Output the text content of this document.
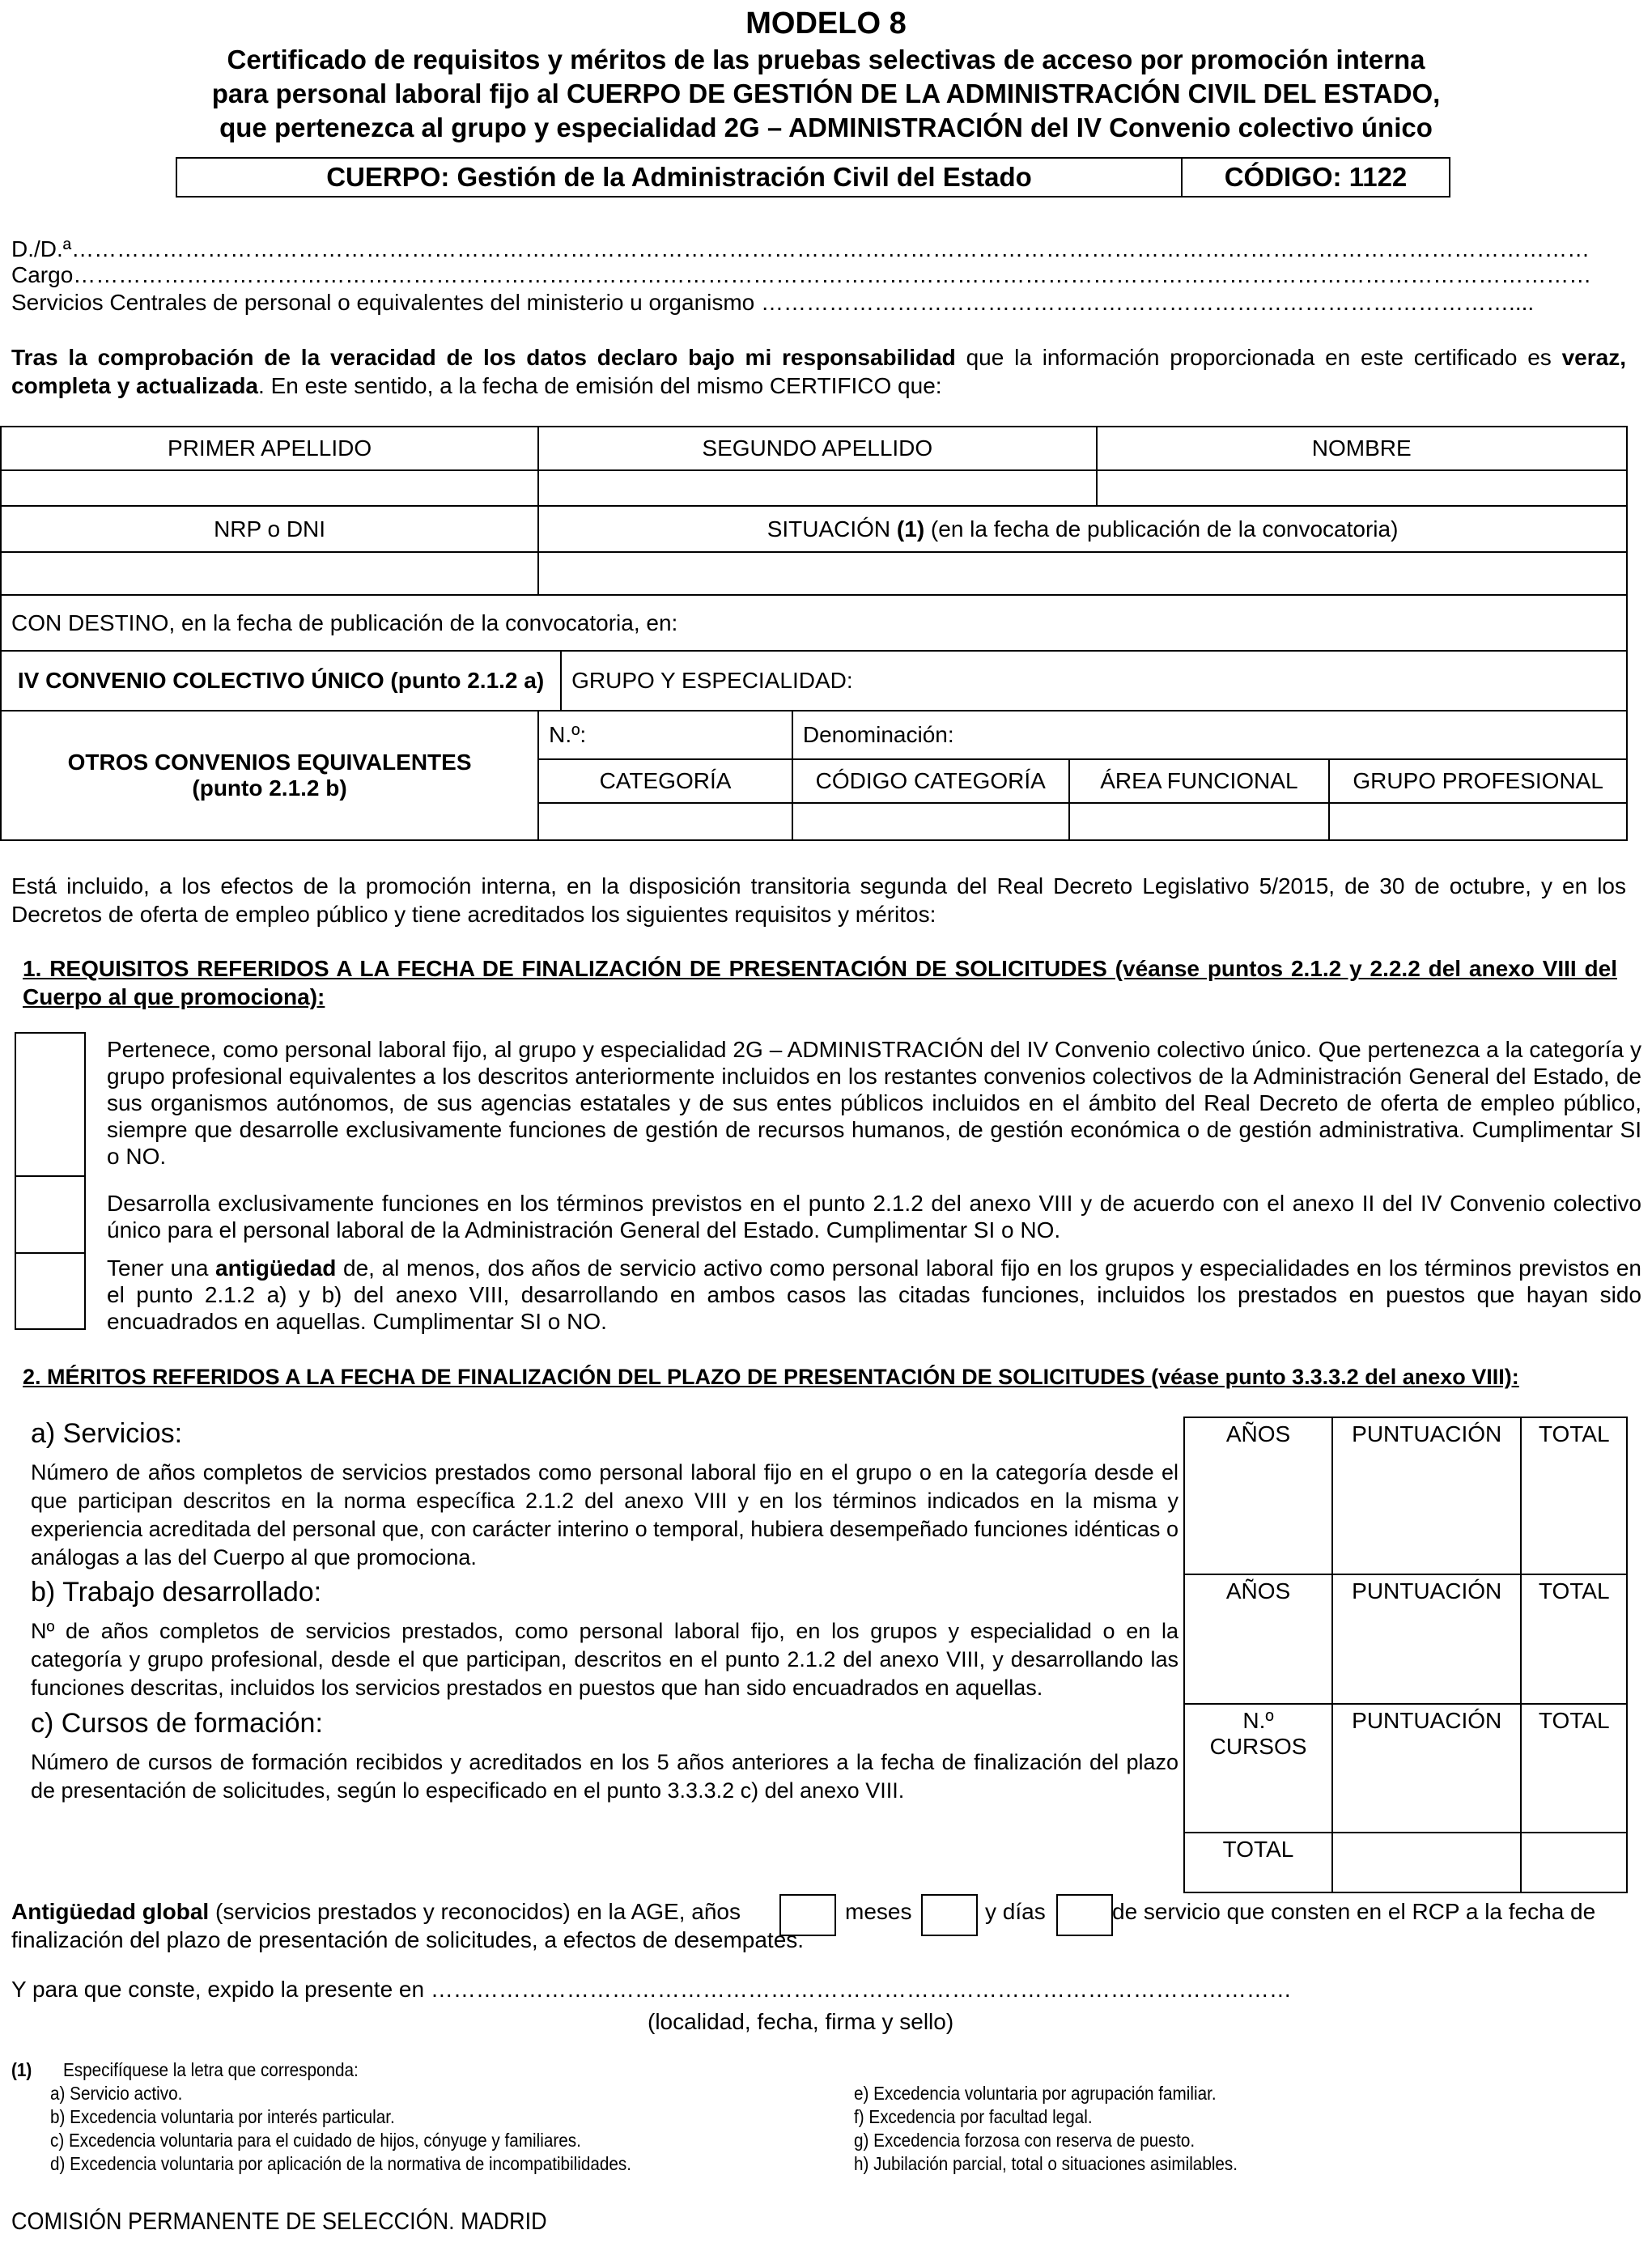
MODELO 8
Certificado de requisitos y méritos de las pruebas selectivas de acceso por promoción interna
para personal laboral fijo al CUERPO DE GESTIÓN DE LA ADMINISTRACIÓN CIVIL DEL ESTADO,
que pertenezca al grupo y especialidad 2G – ADMINISTRACIÓN del IV Convenio colectivo único
CUERPO: Gestión de la Administración Civil del Estado	CÓDIGO: 1122
D./D.ª…………………………………………………………………………………………………………………………………………………………………………………
Cargo…………………………………………………………………………………………………………………………………………………………………………………
Servicios Centrales de personal o equivalentes del ministerio u organismo ………………………………………………………………………………………....
Tras la comprobación de la veracidad de los datos declaro bajo mi responsabilidad que la información proporcionada en este certificado es veraz, completa y actualizada. En este sentido, a la fecha de emisión del mismo CERTIFICO que:
PRIMER APELLIDO	SEGUNDO APELLIDO				NOMBRE	

NRP o DNI	SITUACIÓN (1) (en la fecha de publicación de la convocatoria)					

CON DESTINO, en la fecha de publicación de la convocatoria, en:						
IV CONVENIO COLECTIVO ÚNICO (punto 2.1.2 a)		GRUPO Y ESPECIALIDAD:				

OTROS CONVENIOS EQUIVALENTES
(punto 2.1.2 b)	N.º:		Denominación:			
	CATEGORÍA		CÓDIGO CATEGORÍA	ÁREA FUNCIONAL		GRUPO PROFESIONAL

Está incluido, a los efectos de la promoción interna, en la disposición transitoria segunda del Real Decreto Legislativo 5/2015, de 30 de octubre, y en los Decretos de oferta de empleo público y tiene acreditados los siguientes requisitos y méritos:
1. REQUISITOS REFERIDOS A LA FECHA DE FINALIZACIÓN DE PRESENTACIÓN DE SOLICITUDES (véanse puntos 2.1.2 y 2.2.2 del anexo VIII del Cuerpo al que promociona):
Pertenece, como personal laboral fijo, al grupo y especialidad 2G – ADMINISTRACIÓN del IV Convenio colectivo único. Que pertenezca a la categoría y grupo profesional equivalentes a los descritos anteriormente incluidos en los restantes convenios colectivos de la Administración General del Estado, de sus organismos autónomos, de sus agencias estatales y de sus entes públicos incluidos en el ámbito del Real Decreto de oferta de empleo público, siempre que desarrolle exclusivamente funciones de gestión de recursos humanos, de gestión económica o de gestión administrativa. Cumplimentar SI o NO.
Desarrolla exclusivamente funciones en los términos previstos en el punto 2.1.2 del anexo VIII y de acuerdo con el anexo II del IV Convenio colectivo único para el personal laboral de la Administración General del Estado. Cumplimentar SI o NO.
Tener una antigüedad de, al menos, dos años de servicio activo como personal laboral fijo en los grupos y especialidades en los términos previstos en el punto 2.1.2 a) y b) del anexo VIII, desarrollando en ambos casos las citadas funciones, incluidos los prestados en puestos que hayan sido encuadrados en aquellas. Cumplimentar SI o NO.
2. MÉRITOS REFERIDOS A LA FECHA DE FINALIZACIÓN DEL PLAZO DE PRESENTACIÓN DE SOLICITUDES (véase punto 3.3.3.2 del anexo VIII):
a) Servicios:
Número de años completos de servicios prestados como personal laboral fijo en el grupo o en la categoría desde el que participan descritos en la norma específica 2.1.2 del anexo VIII y en los términos indicados en la misma y experiencia acreditada del personal que, con carácter interino o temporal, hubiera desempeñado funciones idénticas o análogas a las del Cuerpo al que promociona.
b) Trabajo desarrollado:
Nº de años completos de servicios prestados, como personal laboral fijo, en los grupos y especialidad o en la categoría y grupo profesional, desde el que participan, descritos en el punto 2.1.2 del anexo VIII, y desarrollando las funciones descritas, incluidos los servicios prestados en puestos que han sido encuadrados en aquellas.
c) Cursos de formación:
Número de cursos de formación recibidos y acreditados en los 5 años anteriores a la fecha de finalización del plazo de presentación de solicitudes, según lo especificado en el punto 3.3.3.2 c) del anexo VIII.
AÑOS	PUNTUACIÓN	TOTAL
AÑOS	PUNTUACIÓN	TOTAL

N.º
CURSOS	PUNTUACIÓN	TOTAL
TOTAL		
Antigüedad global (servicios prestados y reconocidos) en la AGE, años	meses	y días	de servicio que consten en el RCP a la fecha de
finalización del plazo de presentación de solicitudes, a efectos de desempates.
Y para que conste, expido la presente en ……………………………………………………………………………………………………
(localidad, fecha, firma y sello)
(1) Especifíquese la letra que corresponda:
a) Servicio activo.
b) Excedencia voluntaria por interés particular.
c) Excedencia voluntaria para el cuidado de hijos, cónyuge y familiares.
d) Excedencia voluntaria por aplicación de la normativa de incompatibilidades.
e) Excedencia voluntaria por agrupación familiar.
f) Excedencia por facultad legal.
g) Excedencia forzosa con reserva de puesto.
h) Jubilación parcial, total o situaciones asimilables.
COMISIÓN PERMANENTE DE SELECCIÓN. MADRID
